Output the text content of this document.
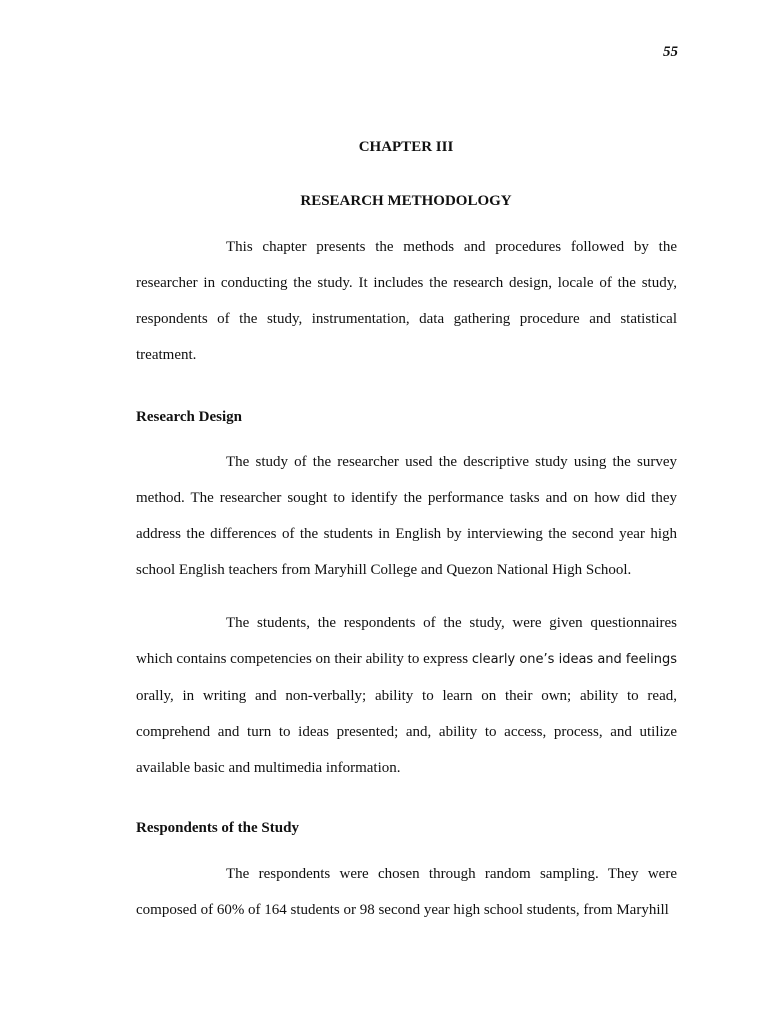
55
CHAPTER III
RESEARCH METHODOLOGY

This chapter presents the methods and procedures followed by the researcher in conducting the study. It includes the research design, locale of the study, respondents of the study, instrumentation, data gathering procedure and statistical treatment.

Research Design

The study of the researcher used the descriptive study using the survey method. The researcher sought to identify the performance tasks and on how did they address the differences of the students in English by interviewing the second year high school English teachers from Maryhill College and Quezon National High School.

The students, the respondents of the study, were given questionnaires which contains competencies on their ability to express clearly one’s ideas and feelings orally, in writing and non-verbally; ability to learn on their own; ability to read, comprehend and turn to ideas presented; and, ability to access, process, and utilize available basic and multimedia information.

Respondents of the Study

The respondents were chosen through random sampling. They were composed of 60% of 164 students or 98 second year high school students, from Maryhill
